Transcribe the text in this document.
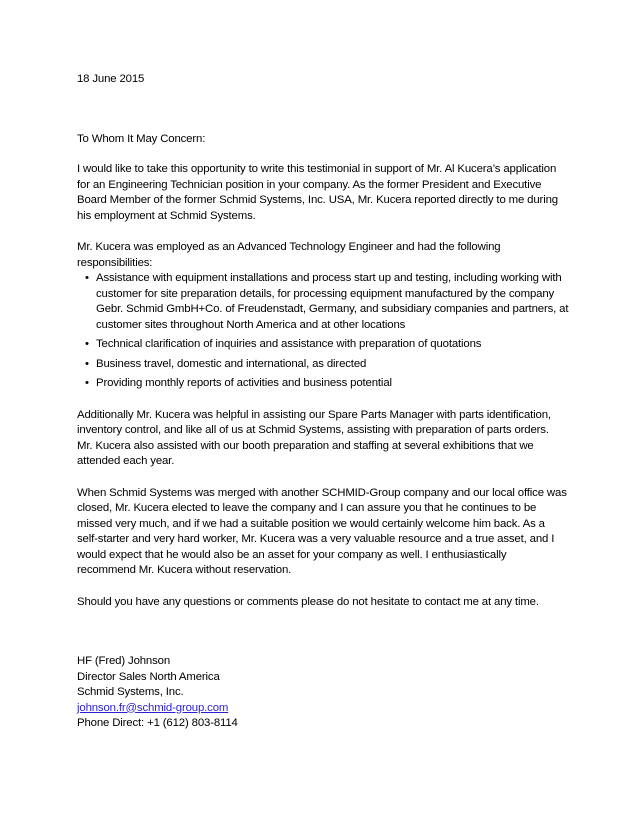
18 June 2015

To Whom It May Concern:

I would like to take this opportunity to write this testimonial in support of Mr. Al Kucera’s application for an Engineering Technician position in your company. As the former President and Executive Board Member of the former Schmid Systems, Inc. USA, Mr. Kucera reported directly to me during his employment at Schmid Systems.

Mr. Kucera was employed as an Advanced Technology Engineer and had the following responsibilities:

• Assistance with equipment installations and process start up and testing, including working with customer for site preparation details, for processing equipment manufactured by the company Gebr. Schmid GmbH+Co. of Freudenstadt, Germany, and subsidiary companies and partners, at customer sites throughout North America and at other locations
• Technical clarification of inquiries and assistance with preparation of quotations
• Business travel, domestic and international, as directed
• Providing monthly reports of activities and business potential

Additionally Mr. Kucera was helpful in assisting our Spare Parts Manager with parts identification, inventory control, and like all of us at Schmid Systems, assisting with preparation of parts orders. Mr. Kucera also assisted with our booth preparation and staffing at several exhibitions that we attended each year.

When Schmid Systems was merged with another SCHMID-Group company and our local office was closed, Mr. Kucera elected to leave the company and I can assure you that he continues to be missed very much, and if we had a suitable position we would certainly welcome him back. As a self-starter and very hard worker, Mr. Kucera was a very valuable resource and a true asset, and I would expect that he would also be an asset for your company as well. I enthusiastically recommend Mr. Kucera without reservation.

Should you have any questions or comments please do not hesitate to contact me at any time.

HF (Fred) Johnson
Director Sales North America
Schmid Systems, Inc.
johnson.fr@schmid-group.com
Phone Direct: +1 (612) 803-8114
